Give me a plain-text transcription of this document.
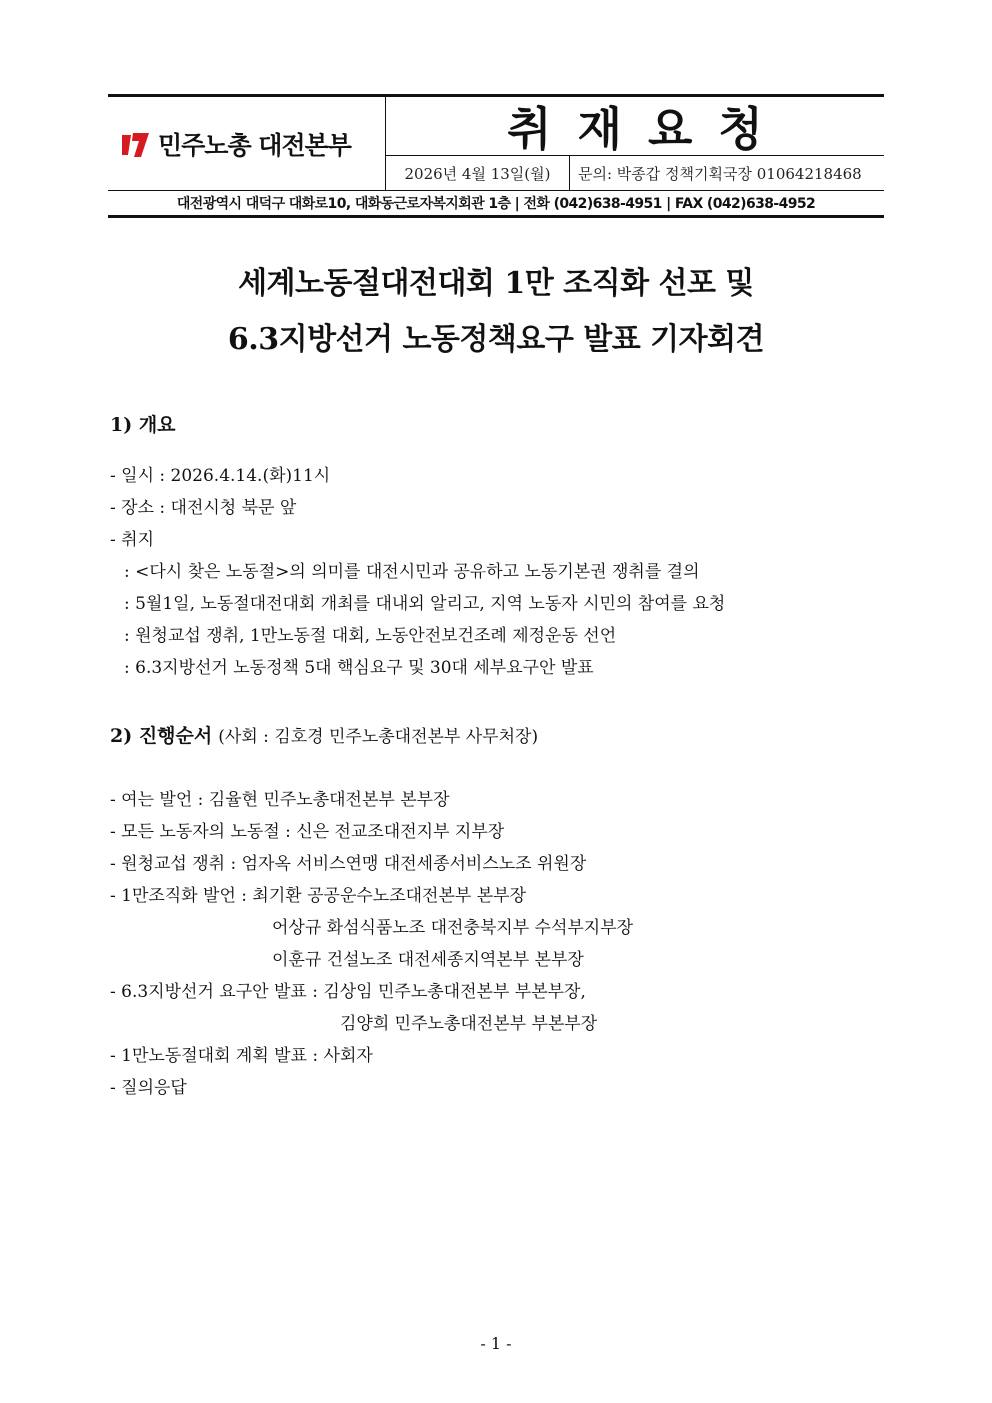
민주노총 대전본부	취재요청
2026년 4월 13일(월)	문의: 박종갑 정책기획국장 01064218468
대전광역시 대덕구 대화로10, 대화동근로자복지회관 1층 | 전화 (042)638-4951 | FAX (042)638-4952
세계노동절대전대회 1만 조직화 선포 및
6.3지방선거 노동정책요구 발표 기자회견
1) 개요
- 일시 : 2026.4.14.(화)11시
- 장소 : 대전시청 북문 앞
- 취지
: <다시 찾은 노동절>의 의미를 대전시민과 공유하고 노동기본권 쟁취를 결의
: 5월1일, 노동절대전대회 개최를 대내외 알리고, 지역 노동자 시민의 참여를 요청
: 원청교섭 쟁취, 1만노동절 대회, 노동안전보건조례 제정운동 선언
: 6.3지방선거 노동정책 5대 핵심요구 및 30대 세부요구안 발표
2) 진행순서 (사회 : 김호경 민주노총대전본부 사무처장)
- 여는 발언 : 김율현 민주노총대전본부 본부장
- 모든 노동자의 노동절 : 신은 전교조대전지부 지부장
- 원청교섭 쟁취 : 엄자옥 서비스연맹 대전세종서비스노조 위원장
- 1만조직화 발언 : 최기환 공공운수노조대전본부 본부장
어상규 화섬식품노조 대전충북지부 수석부지부장
이훈규 건설노조 대전세종지역본부 본부장
- 6.3지방선거 요구안 발표 : 김상임 민주노총대전본부 부본부장,
김양희 민주노총대전본부 부본부장
- 1만노동절대회 계획 발표 : 사회자
- 질의응답
- 1 -
